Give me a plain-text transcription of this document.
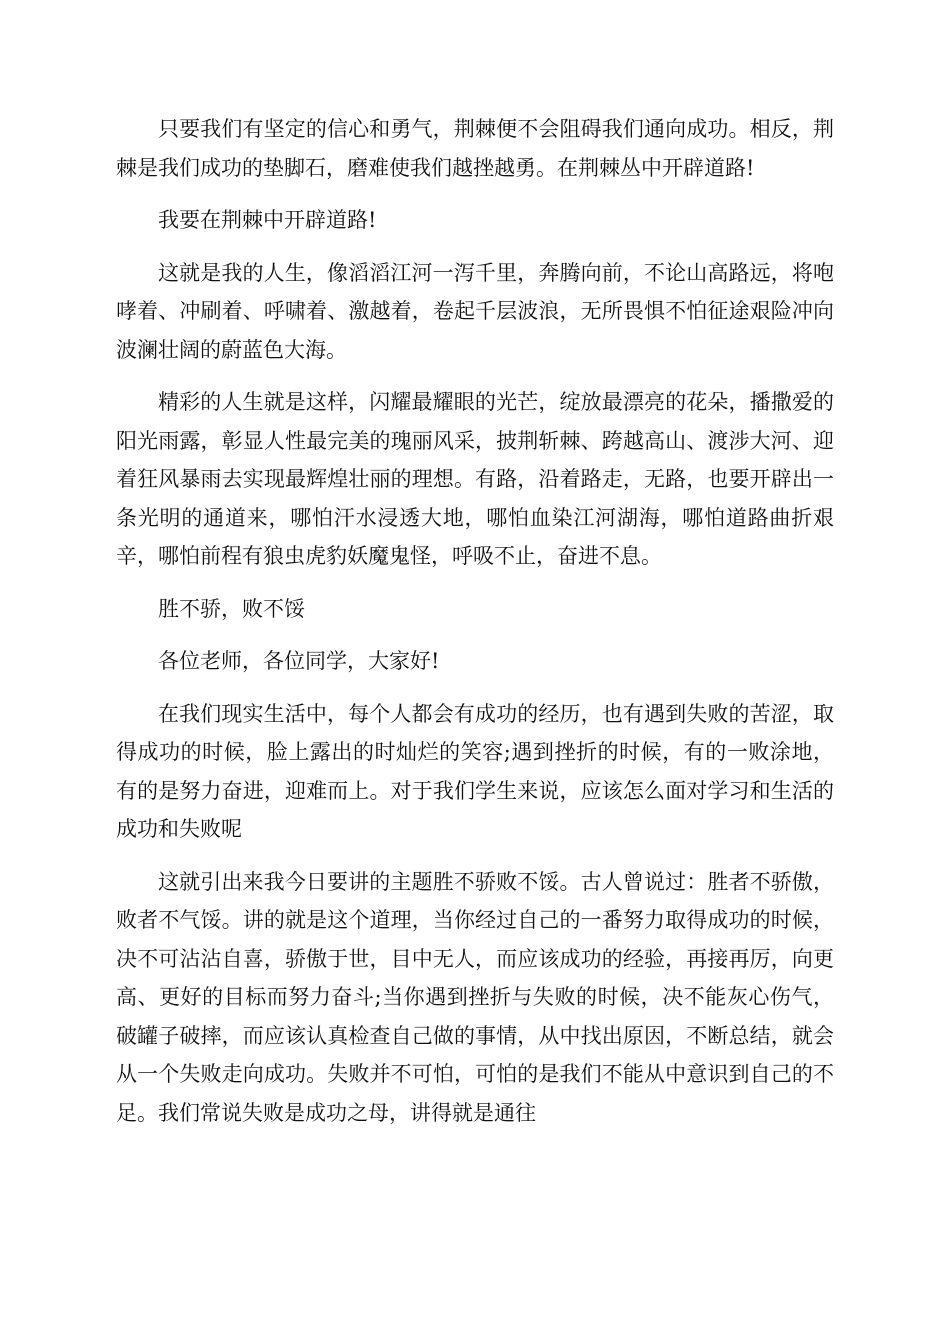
只要我们有坚定的信心和勇气，荆棘便不会阻碍我们通向成功。相反，荆棘是我们成功的垫脚石，磨难使我们越挫越勇。在荆棘丛中开辟道路!

我要在荆棘中开辟道路!

这就是我的人生，像滔滔江河一泻千里，奔腾向前，不论山高路远，将咆哮着、冲刷着、呼啸着、激越着，卷起千层波浪，无所畏惧不怕征途艰险冲向波澜壮阔的蔚蓝色大海。

精彩的人生就是这样，闪耀最耀眼的光芒，绽放最漂亮的花朵，播撒爱的阳光雨露，彰显人性最完美的瑰丽风采，披荆斩棘、跨越高山、渡涉大河、迎着狂风暴雨去实现最辉煌壮丽的理想。有路，沿着路走，无路，也要开辟出一条光明的通道来，哪怕汗水浸透大地，哪怕血染江河湖海，哪怕道路曲折艰辛，哪怕前程有狼虫虎豹妖魔鬼怪，呼吸不止，奋进不息。

胜不骄，败不馁

各位老师，各位同学，大家好!

在我们现实生活中，每个人都会有成功的经历，也有遇到失败的苦涩，取得成功的时候，脸上露出的时灿烂的笑容;遇到挫折的时候，有的一败涂地，有的是努力奋进，迎难而上。对于我们学生来说，应该怎么面对学习和生活的成功和失败呢

这就引出来我今日要讲的主题胜不骄败不馁。古人曾说过：胜者不骄傲，败者不气馁。讲的就是这个道理，当你经过自己的一番努力取得成功的时候，决不可沾沾自喜，骄傲于世，目中无人，而应该成功的经验，再接再厉，向更高、更好的目标而努力奋斗;当你遇到挫折与失败的时候，决不能灰心伤气，破罐子破摔，而应该认真检查自己做的事情，从中找出原因，不断总结，就会从一个失败走向成功。失败并不可怕，可怕的是我们不能从中意识到自己的不足。我们常说失败是成功之母，讲得就是通往
